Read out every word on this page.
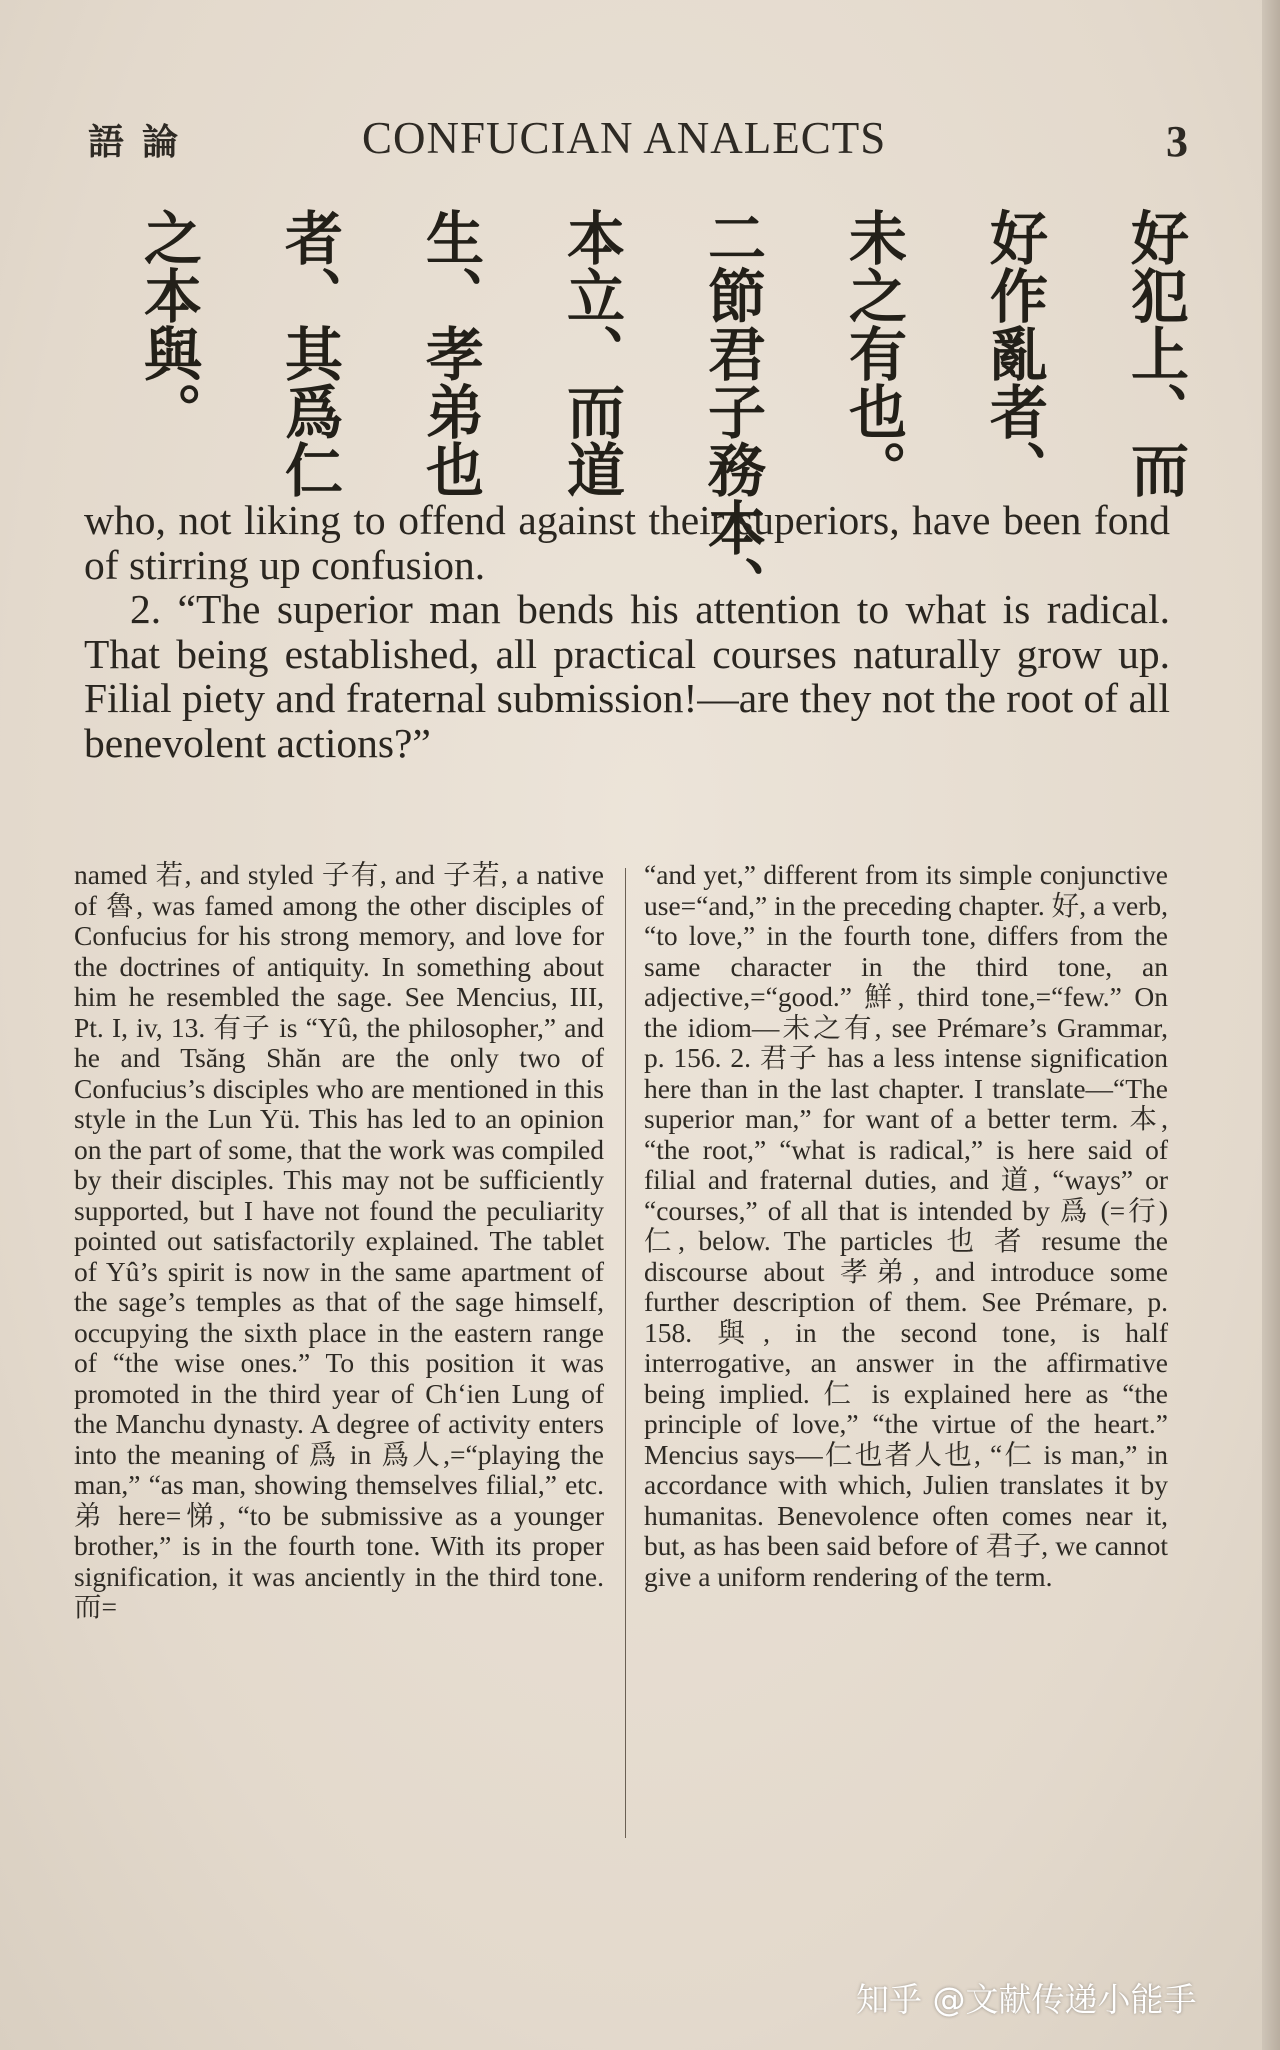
語論	CONFUCIAN ANALECTS	3
好犯上、而
好作亂者、
未之有也。
二節君子務本、
本立、而道
生、孝弟也
者、其爲仁
之本與。

who, not liking to offend against their superiors, have been fond of stirring up confusion.

2. “The superior man bends his attention to what is radical. That being established, all practical courses naturally grow up. Filial piety and fraternal submission!—are they not the root of all benevolent actions?”

named 若, and styled 子有, and 子若, a native of 魯, was famed among the other disciples of Confucius for his strong memory, and love for the doctrines of antiquity. In something about him he resembled the sage. See Mencius, III, Pt. I, iv, 13. 有子 is “Yû, the philosopher,” and he and Tsăng Shăn are the only two of Confucius’s disciples who are mentioned in this style in the Lun Yü. This has led to an opinion on the part of some, that the work was compiled by their disciples. This may not be sufficiently supported, but I have not found the peculiarity pointed out satisfactorily explained. The tablet of Yû’s spirit is now in the same apartment of the sage’s temples as that of the sage himself, occupying the sixth place in the eastern range of “the wise ones.” To this position it was promoted in the third year of Ch‘ien Lung of the Manchu dynasty. A degree of activity enters into the meaning of 爲 in 爲人,=“playing the man,” “as man, showing themselves filial,” etc. 弟 here=悌, “to be submissive as a younger brother,” is in the fourth tone. With its proper signification, it was anciently in the third tone. 而=
“and yet,” different from its simple conjunctive use=“and,” in the preceding chapter. 好, a verb, “to love,” in the fourth tone, differs from the same character in the third tone, an adjective,=“good.” 鮮, third tone,=“few.” On the idiom—未之有, see Prémare’s Grammar, p. 156. 2. 君子 has a less intense signification here than in the last chapter. I translate—“The superior man,” for want of a better term. 本, “the root,” “what is radical,” is here said of filial and fraternal duties, and 道, “ways” or “courses,” of all that is intended by 爲 (=行) 仁, below. The particles 也 者 resume the discourse about 孝弟, and introduce some further description of them. See Prémare, p. 158. 與, in the second tone, is half interrogative, an answer in the affirmative being implied. 仁 is explained here as “the principle of love,” “the virtue of the heart.” Mencius says—仁也者人也, “仁 is man,” in accordance with which, Julien translates it by humanitas. Benevolence often comes near it, but, as has been said before of 君子, we cannot give a uniform rendering of the term.
知乎 @文献传递小能手
